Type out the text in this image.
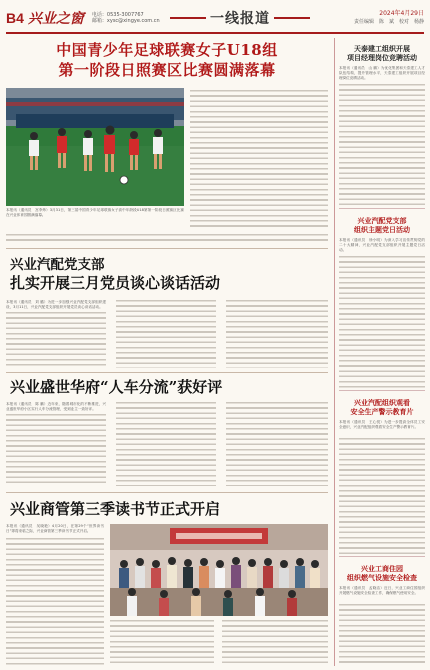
B4 兴业之窗 电话：0535-3007767
邮箱：xysc@xingye.com.cn	一线报道	2024年4月29日
责任编辑　陈　斌　校对　杨静
中国青少年足球联赛女子U18组
第一阶段日照赛区比赛圆满落幕
本报讯（通讯员　宫李炜）3月31日，第三届中国青少年足球联赛女子高中年龄段U18第第一阶段日照赛区比赛在兴业体育园圆满落幕。
兴业汽配党支部
扎实开展三月党员谈心谈话活动
本报讯（通讯员　刘 璐）为进一步加强兴业汽配党支部组织建设，3月11日，兴业汽配党支部组织开展党员谈心谈话活动。
兴业盛世华府“人车分流”获好评
本报讯（通讯员　陈 鹏）近年来，随着城市化的不断推进，兴业盛世华府小区实行人车分流管理，受到业主一致好评。
兴业商管第三季读书节正式开启
本报讯（通讯员　吴晓艳）4月20日，在第29个“世界读书日”即将来临之际，兴业商管第三季读书节正式开启。
天泰建工组织开展
项目经理岗位竞聘活动
本报讯（通讯员　山 鹏）为优化集团和天泰建工人才队伍结构，提升管理水平，天泰建工组织开展项目经理岗位竞聘活动。
兴业汽配党支部
组织主题党日活动
本报讯（通讯员　徐小明）为深入学习宣传贯彻党的二十大精神，兴业汽配党支部组织开展主题党日活动。
兴业汽配组织观看
安全生产警示教育片
本报讯（通讯员　王心悦）为进一步提高全体员工安全意识，兴业汽配组织观看安全生产警示教育片。
兴业工商住园
组织燃气设施安全检查
本报讯（通讯员　孟晓洁）近日，兴业工商住园组织开展燃气设施安全检查工作，确保燃气使用安全。
